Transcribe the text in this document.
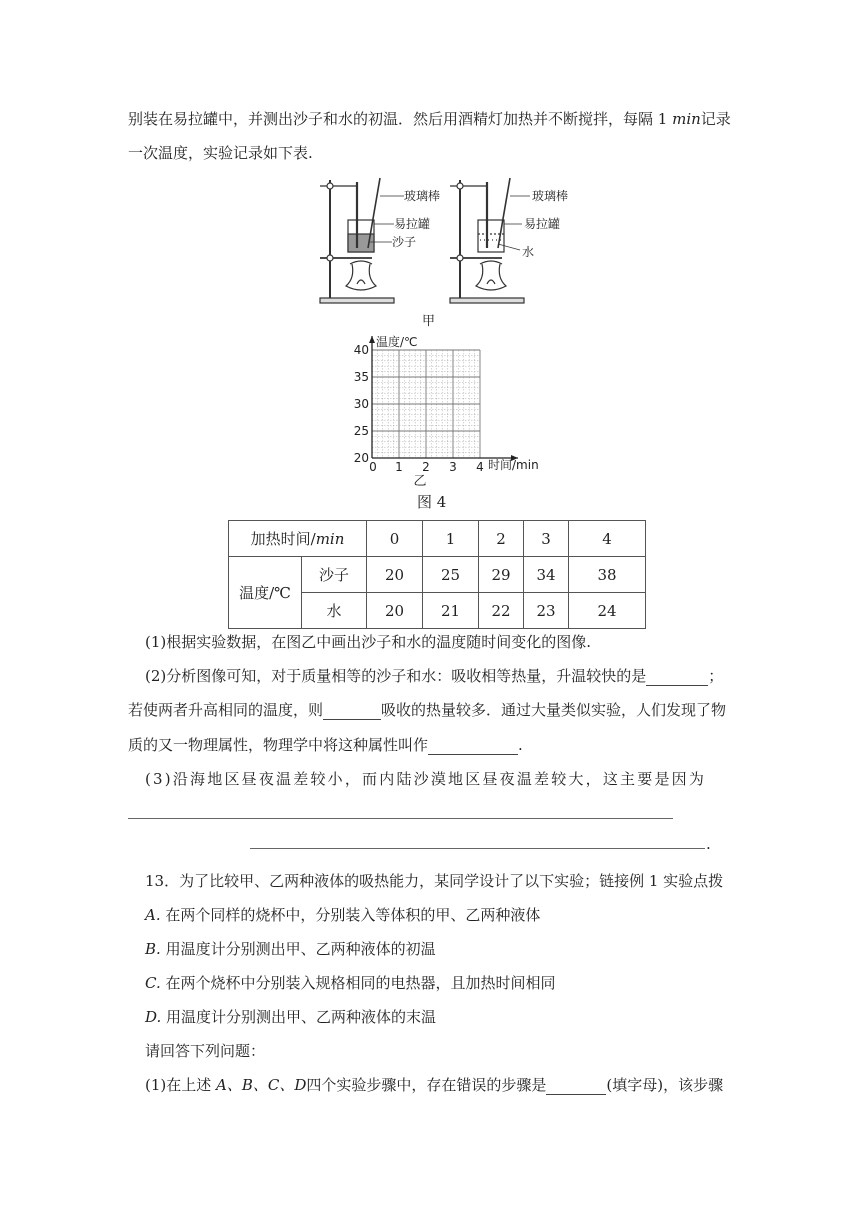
别装在易拉罐中，并测出沙子和水的初温．然后用酒精灯加热并不断搅拌，每隔 1 min记录
一次温度，实验记录如下表.
玻璃棒
易拉罐
沙子
玻璃棒
易拉罐
水
甲
20
25
30
35
40
0 1 2 3 4
温度/℃
时间/min
乙
图 4
加热时间/min		0	1	2	3	4
温度/℃	沙子	20	25	29	34	38
	水	20	21	22	23	24
(1)根据实验数据，在图乙中画出沙子和水的温度随时间变化的图像.
(2)分析图像可知，对于质量相等的沙子和水：吸收相等热量，升温较快的是	；
若使两者升高相同的温度，则	吸收的热量较多．通过大量类似实验，人们发现了物
质的又一物理属性，物理学中将这种属性叫作	.
(3)沿海地区昼夜温差较小，而内陆沙漠地区昼夜温差较大，这主要是因为
.
13．为了比较甲、乙两种液体的吸热能力，某同学设计了以下实验；链接例 1 实验点拨
A. 在两个同样的烧杯中，分别装入等体积的甲、乙两种液体
B. 用温度计分别测出甲、乙两种液体的初温
C. 在两个烧杯中分别装入规格相同的电热器，且加热时间相同
D. 用温度计分别测出甲、乙两种液体的末温
请回答下列问题：
(1)在上述 A、B、C、D四个实验步骤中，存在错误的步骤是	(填字母)，该步骤
